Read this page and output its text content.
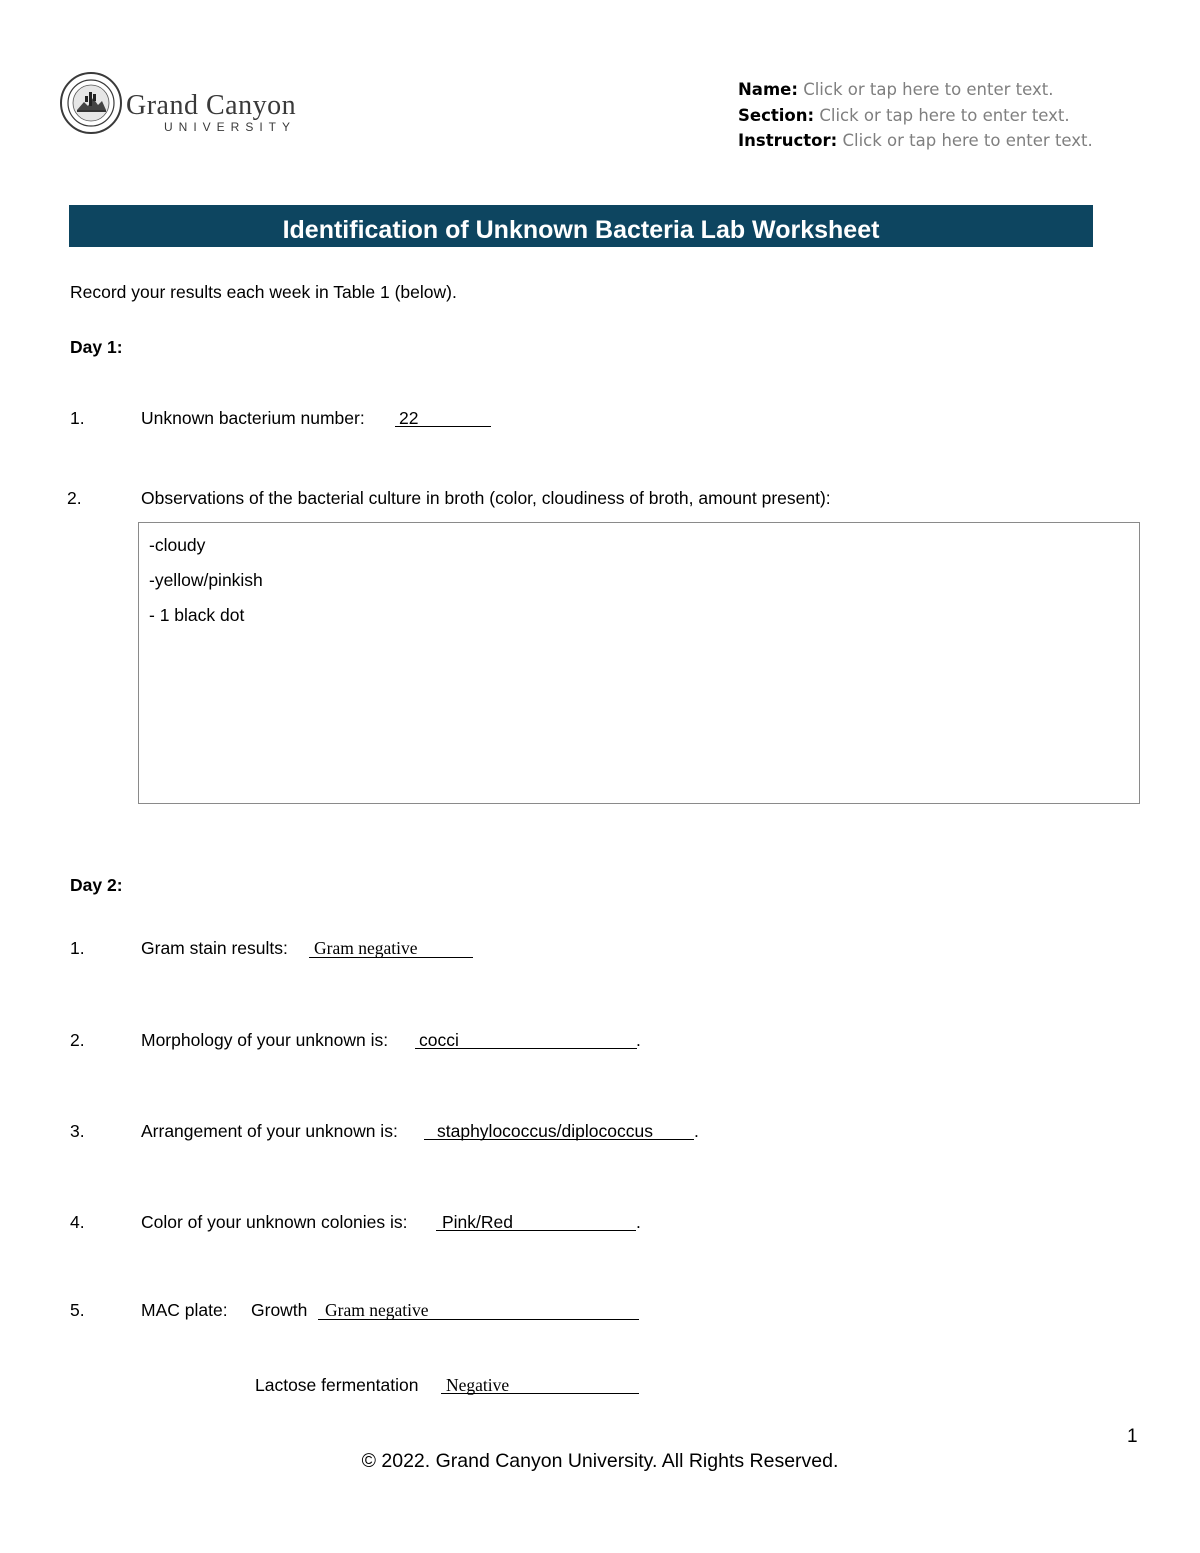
Grand Canyon
UNIVERSITY
Name: Click or tap here to enter text.
Section: Click or tap here to enter text.
Instructor: Click or tap here to enter text.
Identification of Unknown Bacteria Lab Worksheet
Record your results each week in Table 1 (below).
Day 1:
1.	Unknown bacterium number: 22
2.	Observations of the bacterial culture in broth (color, cloudiness of broth, amount present):
-cloudy
-yellow/pinkish
- 1 black dot
Day 2:
1.	Gram stain results: Gram negative
2.	Morphology of your unknown is: cocci	.
3.	Arrangement of your unknown is: staphylococcus/diplococcus .
4.	Color of your unknown colonies is: Pink/Red	.
5.	MAC plate: Growth Gram negative
Lactose fermentation Negative
1
© 2022. Grand Canyon University. All Rights Reserved.
